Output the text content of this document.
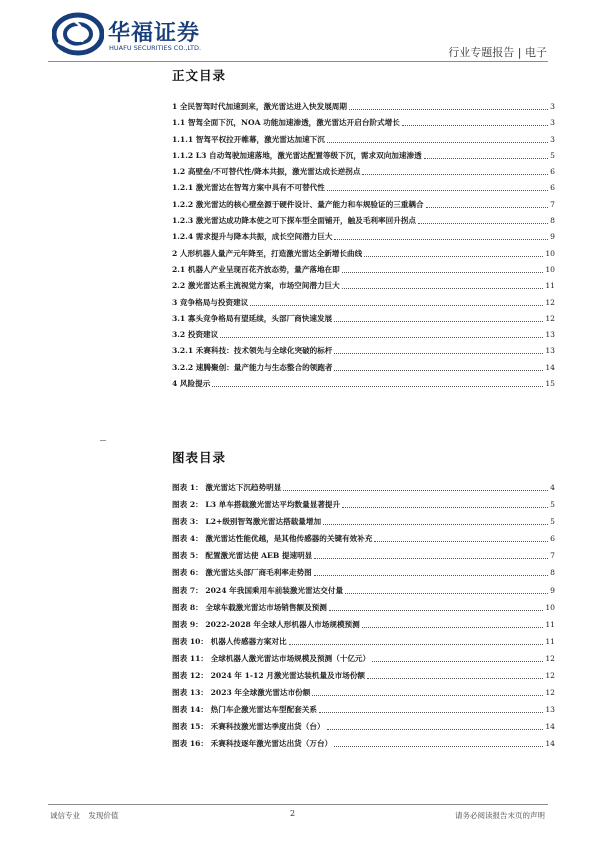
华福证券
HUAFU SECURITIES CO.,LTD.	行业专题报告 | 电子
正文目录
1 全民智驾时代加速到来，激光雷达进入快发展周期	3
1.1 智驾全面下沉，NOA 功能加速渗透，激光雷达开启台阶式增长	3
1.1.1 智驾平权拉开帷幕，激光雷达加速下沉	3
1.1.2 L3 自动驾驶加速落地，激光雷达配置等级下沉，需求双向加速渗透	5
1.2 高壁垒/不可替代性/降本共振，激光雷达成长逆拐点	6
1.2.1 激光雷达在智驾方案中具有不可替代性	6
1.2.2 激光雷达的核心壁垒源于硬件设计、量产能力和车规验证的三重耦合	7
1.2.3 激光雷达成功降本使之可下探车型全面铺开，触及毛利率回升拐点	8
1.2.4 需求提升与降本共振，成长空间潜力巨大	9
2 人形机器人量产元年降至，打造激光雷达全新增长曲线	10
2.1 机器人产业呈现百花齐放态势，量产落地在即	10
2.2 激光雷达系主流视觉方案，市场空间潜力巨大	11
3 竞争格局与投资建议	12
3.1 寡头竞争格局有望延续，头部厂商快速发展	12
3.2 投资建议	13
3.2.1 禾赛科技：技术领先与全球化突破的标杆	13
3.2.2 速腾聚创：量产能力与生态整合的领跑者	14
4 风险提示	15
图表目录
图表 1： 激光雷达下沉趋势明显	4
图表 2： L3 单车搭载激光雷达平均数量显著提升	5
图表 3： L2+级别智驾激光雷达搭载量增加	5
图表 4： 激光雷达性能优越，是其他传感器的关键有效补充	6
图表 5： 配置激光雷达使 AEB 提速明显	7
图表 6： 激光雷达头部厂商毛利率走势图	8
图表 7： 2024 年我国乘用车前装激光雷达交付量	9
图表 8： 全球车载激光雷达市场销售额及预测	10
图表 9： 2022-2028 年全球人形机器人市场规模预测	11
图表 10： 机器人传感器方案对比	11
图表 11： 全球机器人激光雷达市场规模及预测（十亿元）	12
图表 12： 2024 年 1-12 月激光雷达装机量及市场份额	12
图表 13： 2023 年全球激光雷达市份额	12
图表 14： 热门车企激光雷达车型配套关系	13
图表 15： 禾赛科技激光雷达季度出货（台）	14
图表 16： 禾赛科技逐年激光雷达出货（万台）	14
诚信专业 发现价值	2	请务必阅读报告末页的声明
